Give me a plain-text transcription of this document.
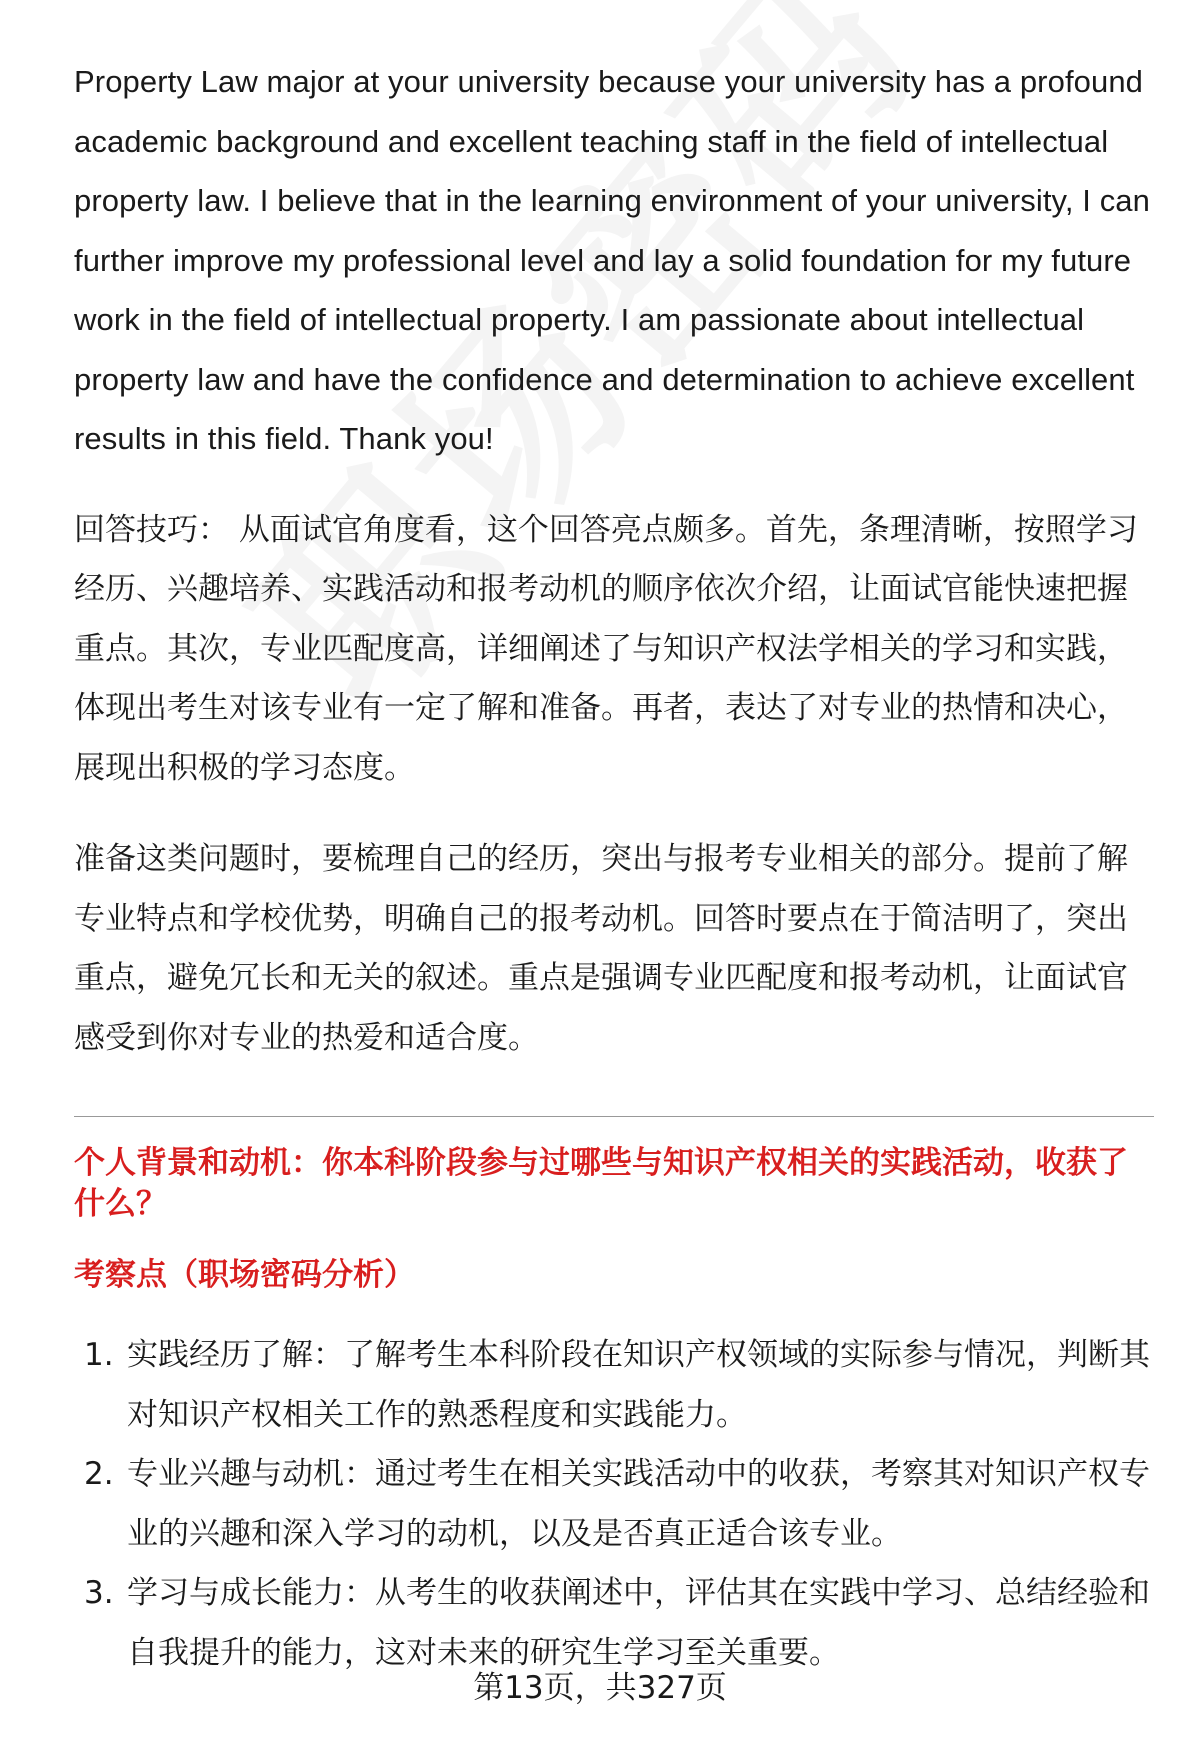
Property Law major at your university because your university has a profound academic background and excellent teaching staff in the field of intellectual property law. I believe that in the learning environment of your university, I can further improve my professional level and lay a solid foundation for my future work in the field of intellectual property. I am passionate about intellectual property law and have the confidence and determination to achieve excellent results in this field. Thank you!

回答技巧： 从面试官角度看，这个回答亮点颇多。首先，条理清晰，按照学习经历、兴趣培养、实践活动和报考动机的顺序依次介绍，让面试官能快速把握重点。其次，专业匹配度高，详细阐述了与知识产权法学相关的学习和实践，体现出考生对该专业有一定了解和准备。再者，表达了对专业的热情和决心，展现出积极的学习态度。

准备这类问题时，要梳理自己的经历，突出与报考专业相关的部分。提前了解专业特点和学校优势，明确自己的报考动机。回答时要点在于简洁明了，突出重点，避免冗长和无关的叙述。重点是强调专业匹配度和报考动机，让面试官感受到你对专业的热爱和适合度。

个人背景和动机：你本科阶段参与过哪些与知识产权相关的实践活动，收获了什么？

考察点（职场密码分析）

1. 实践经历了解：了解考生本科阶段在知识产权领域的实际参与情况，判断其对知识产权相关工作的熟悉程度和实践能力。
2. 专业兴趣与动机：通过考生在相关实践活动中的收获，考察其对知识产权专业的兴趣和深入学习的动机，以及是否真正适合该专业。
3. 学习与成长能力：从考生的收获阐述中，评估其在实践中学习、总结经验和自我提升的能力，这对未来的研究生学习至关重要。
第13页，共327页
